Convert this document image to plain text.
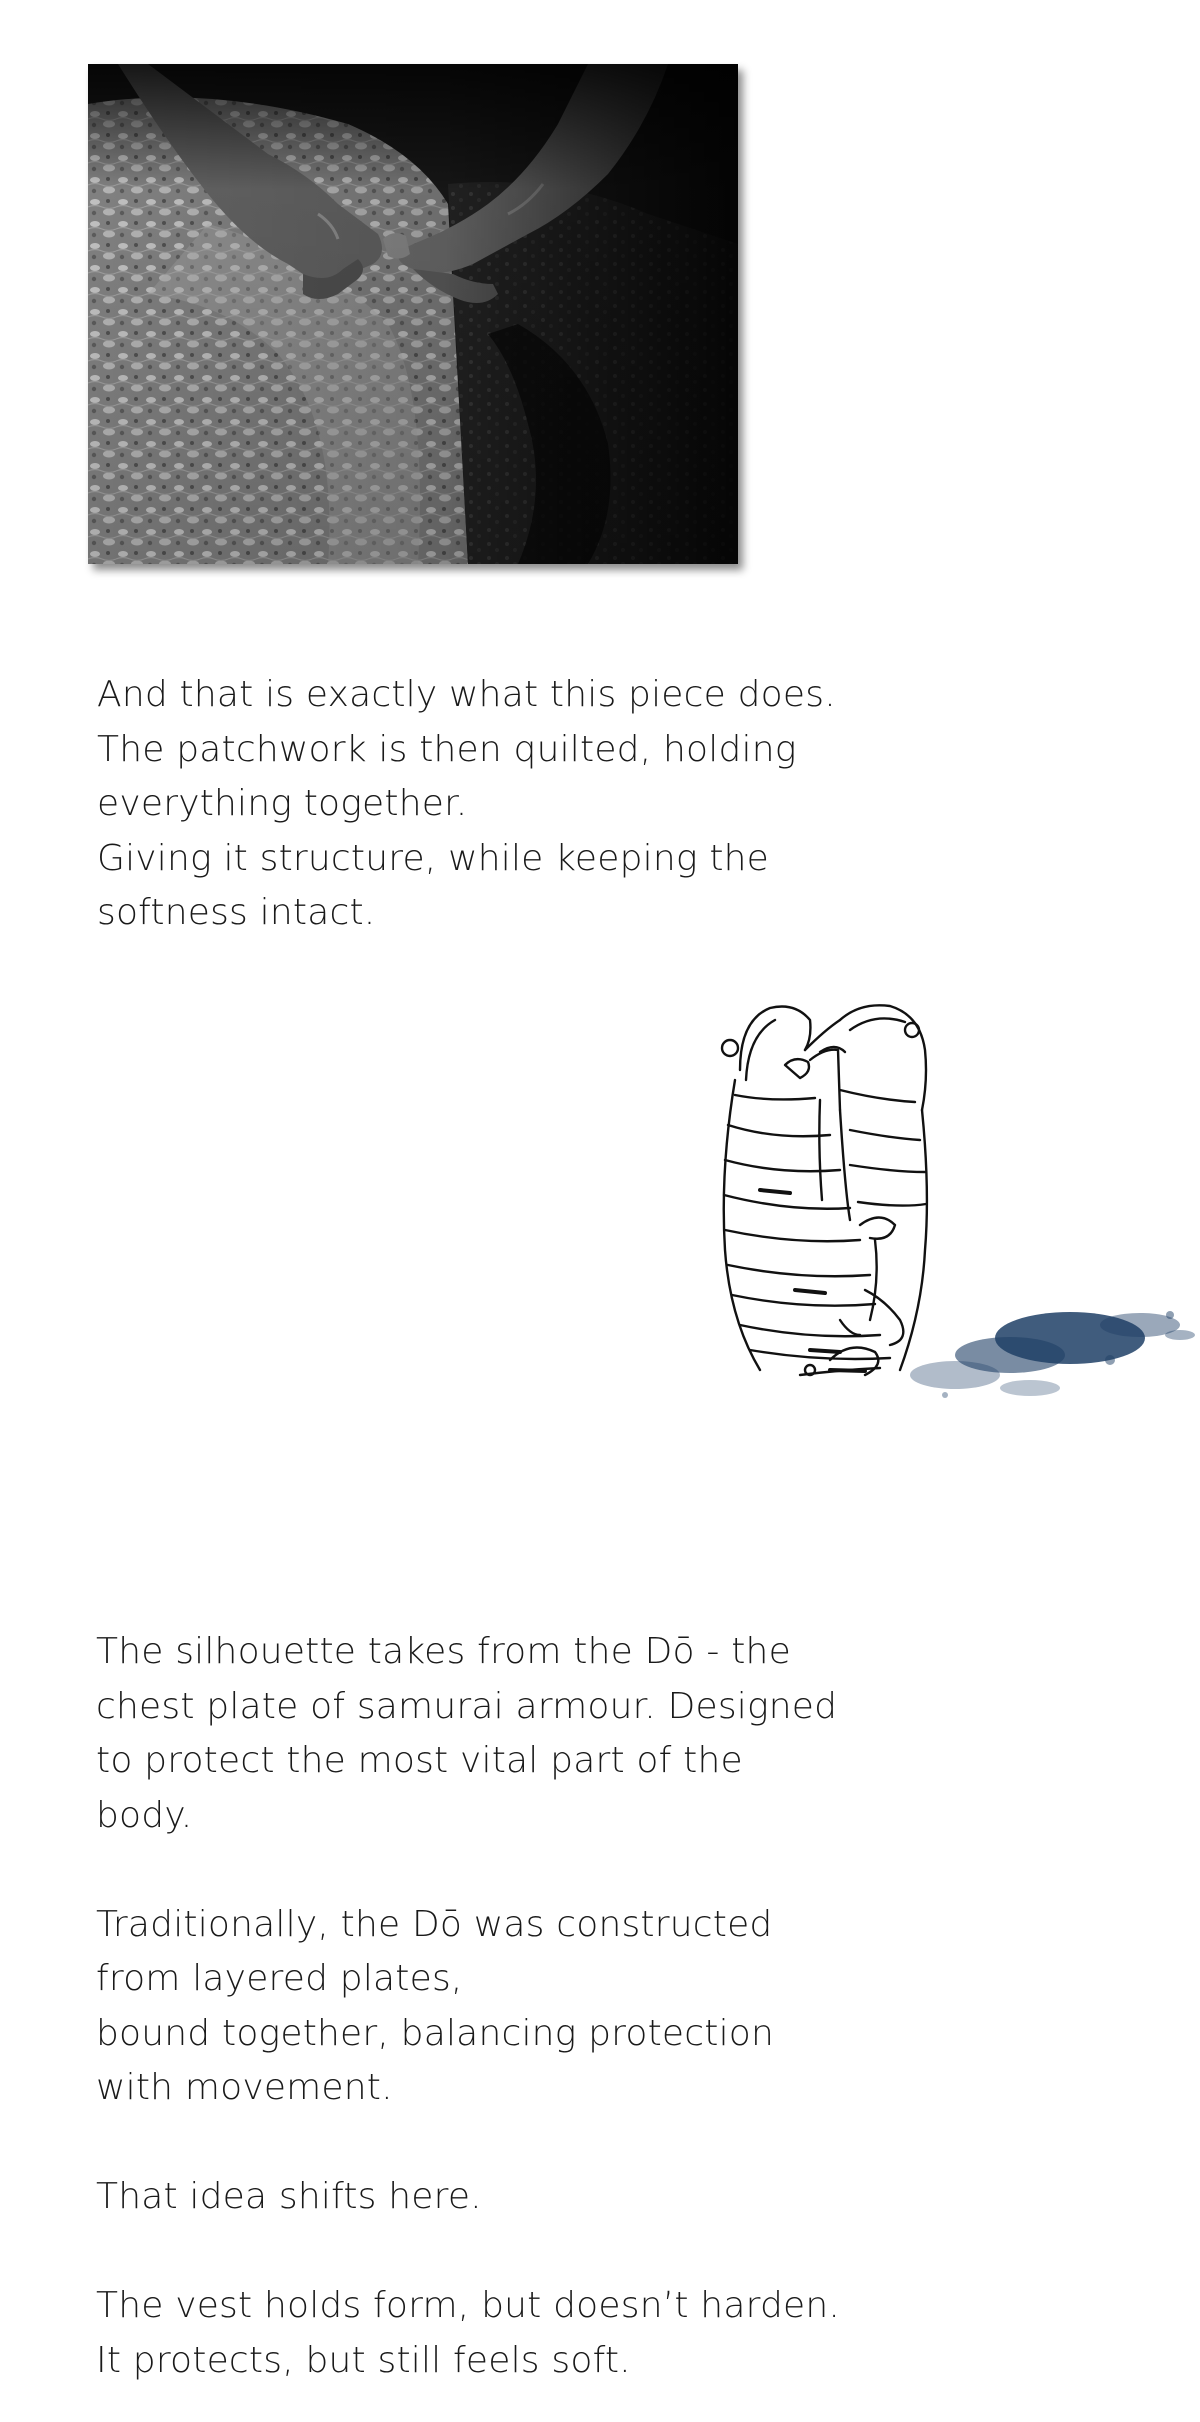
And that is exactly what this piece does.
The patchwork is then quilted, holding
everything together.
Giving it structure, while keeping the
softness intact.

The silhouette takes from the Dō - the
chest plate of samurai armour. Designed
to protect the most vital part of the
body.

Traditionally, the Dō was constructed
from layered plates,
bound together, balancing protection
with movement.

That idea shifts here.

The vest holds form, but doesn’t harden.
It protects, but still feels soft.
